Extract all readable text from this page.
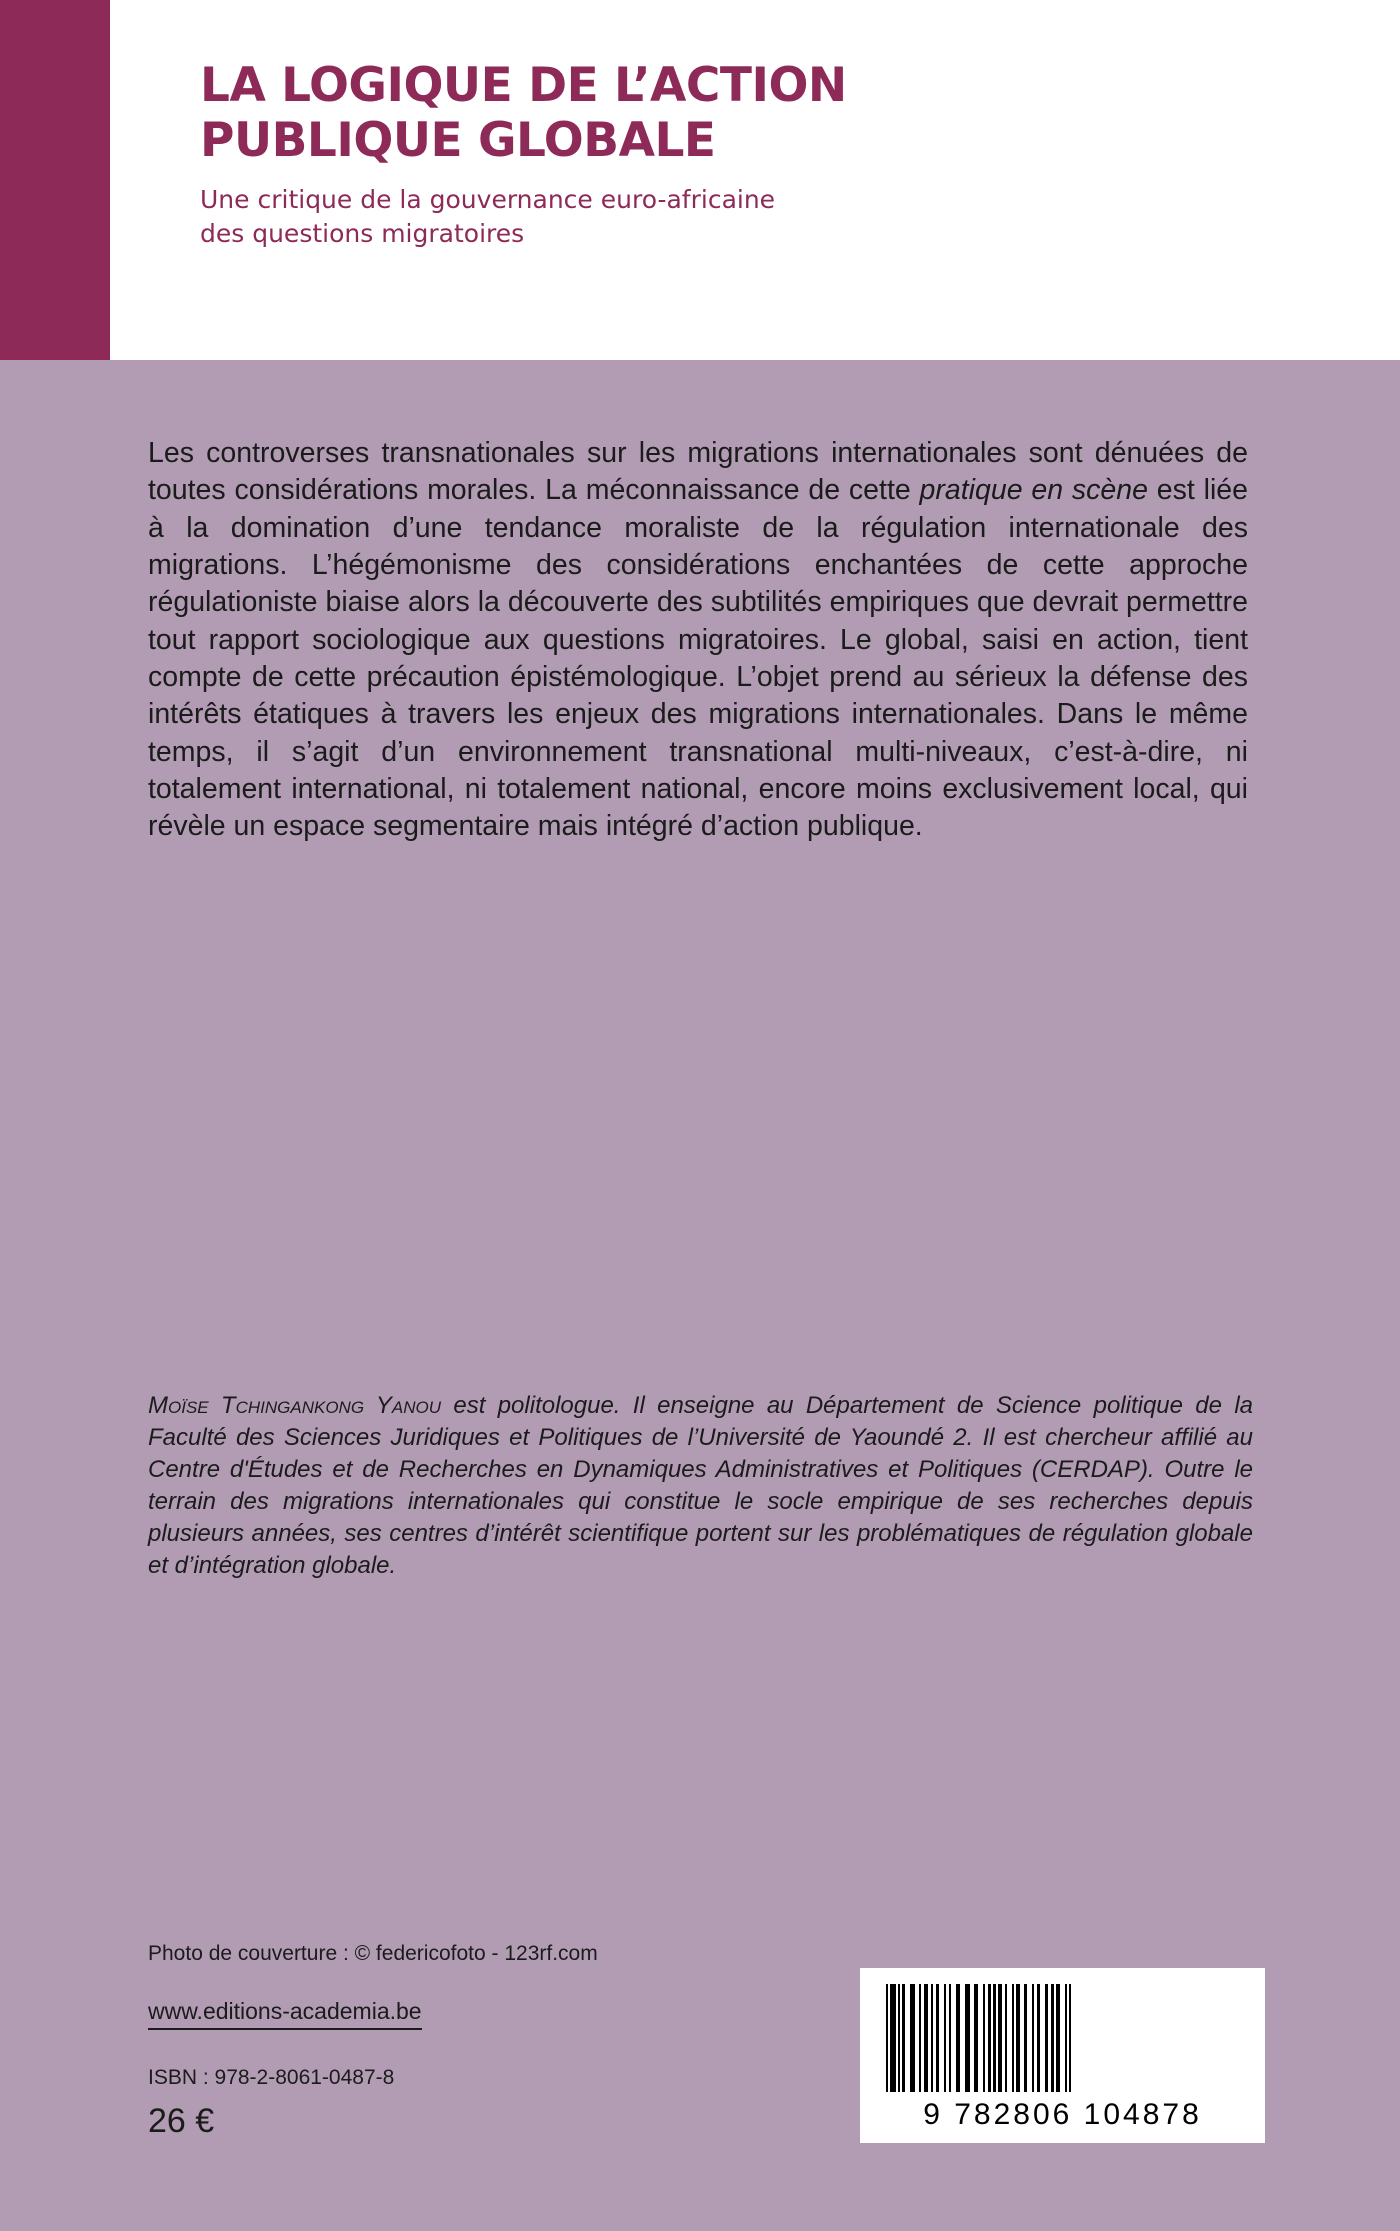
LA LOGIQUE DE L’ACTION
PUBLIQUE GLOBALE

Une critique de la gouvernance euro-africaine
des questions migratoires

Les controverses transnationales sur les migrations internationales sont dénuées de toutes considérations morales. La méconnaissance de cette pratique en scène est liée à la domination d’une tendance moraliste de la régulation internationale des migrations. L’hégémonisme des considérations enchantées de cette approche régulationiste biaise alors la découverte des subtilités empiriques que devrait permettre tout rapport sociologique aux questions migratoires. Le global, saisi en action, tient compte de cette précaution épistémologique. L’objet prend au sérieux la défense des intérêts étatiques à travers les enjeux des migrations internationales. Dans le même temps, il s’agit d’un environnement transnational multi-niveaux, c’est-à-dire, ni totalement international, ni totalement national, encore moins exclusivement local, qui révèle un espace segmentaire mais intégré d’action publique.
Moïse Tchingankong Yanou est politologue. Il enseigne au Département de Science politique de la Faculté des Sciences Juridiques et Politiques de l’Université de Yaoundé 2. Il est chercheur affilié au Centre d'Études et de Recherches en Dynamiques Administratives et Politiques (CERDAP). Outre le terrain des migrations internationales qui constitue le socle empirique de ses recherches depuis plusieurs années, ses centres d’intérêt scientifique portent sur les problématiques de régulation globale et d’intégration globale.
Photo de couverture : © federicofoto - 123rf.com
www.editions-academia.be
ISBN : 978-2-8061-0487-8
26 €	9 782806 104878
